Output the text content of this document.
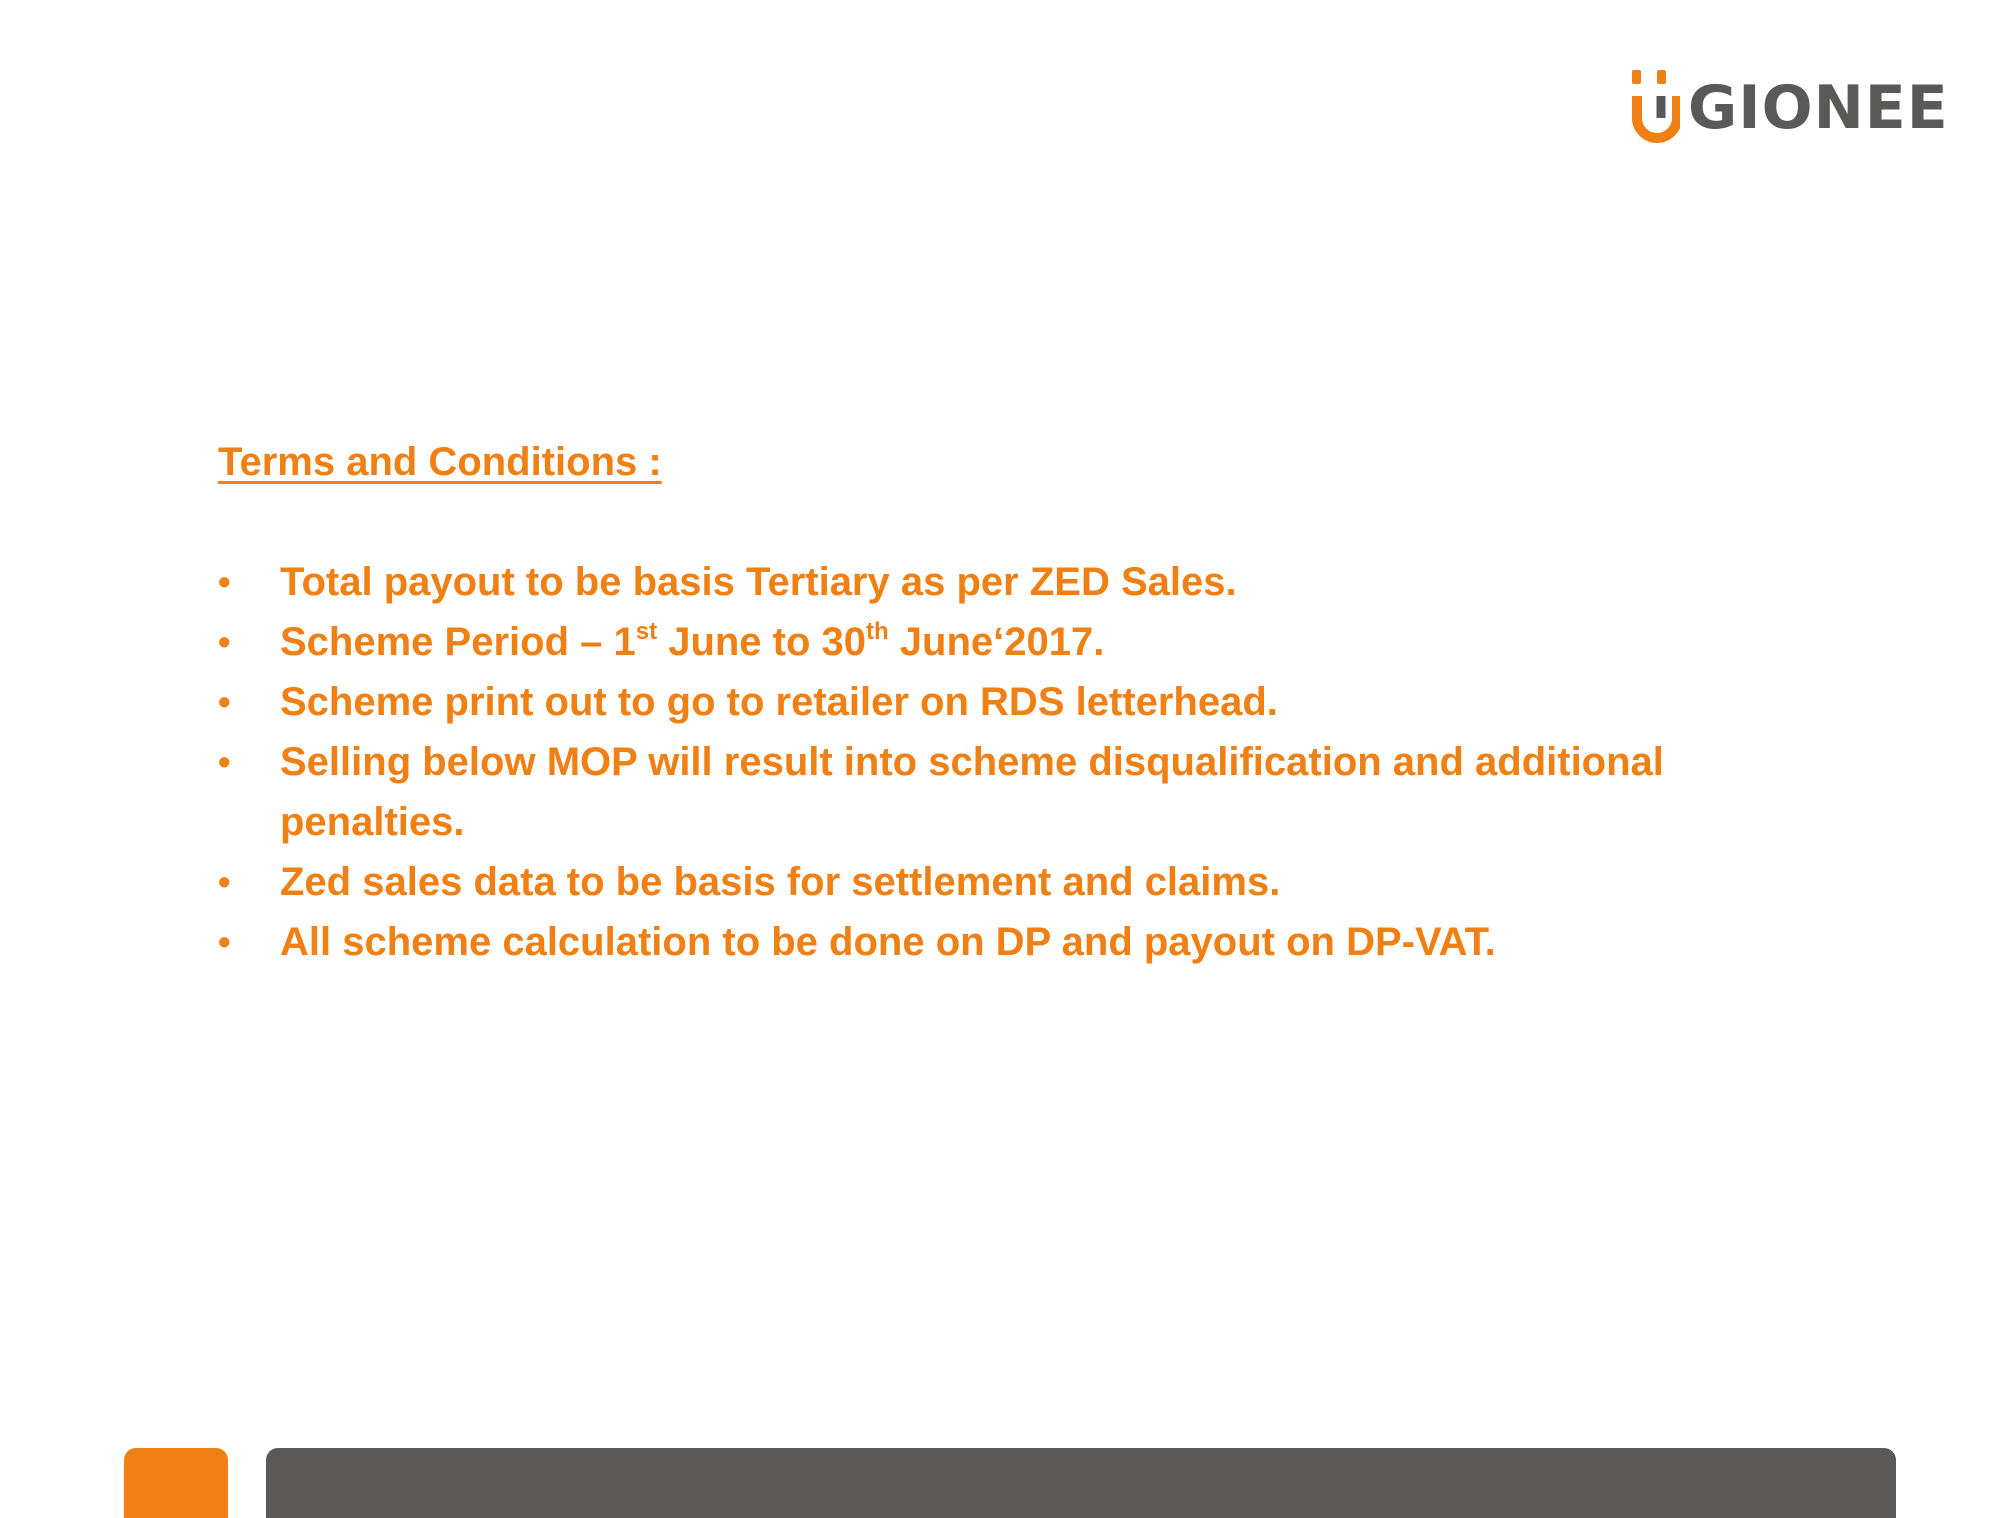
GIONEE
Terms and Conditions :
• Total payout to be basis Tertiary as per ZED Sales.
• Scheme Period – 1st June to 30th June‘2017.
• Scheme print out to go to retailer on RDS letterhead.
• Selling below MOP will result into scheme disqualification and additional penalties.
• Zed sales data to be basis for settlement and claims.
• All scheme calculation to be done on DP and payout on DP-VAT.
